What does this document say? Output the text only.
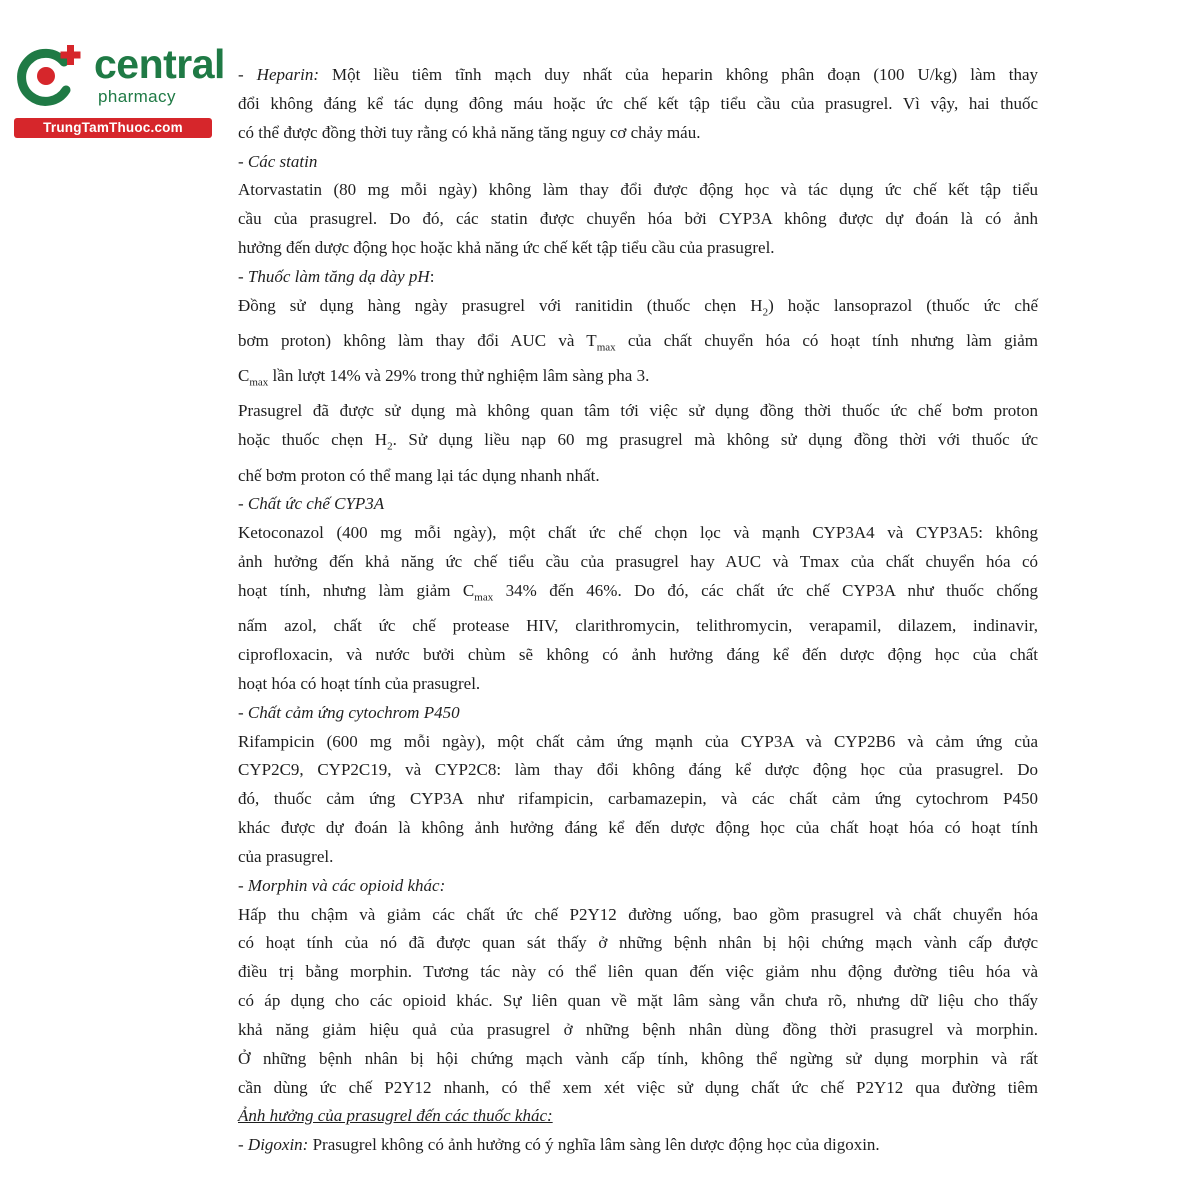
central
pharmacy
TrungTamThuoc.com
- Heparin: Một liều tiêm tĩnh mạch duy nhất của heparin không phân đoạn (100 U/kg) làm thay
đổi không đáng kể tác dụng đông máu hoặc ức chế kết tập tiểu cầu của prasugrel. Vì vậy, hai thuốc
có thể được đồng thời tuy rằng có khả năng tăng nguy cơ chảy máu.
- Các statin
Atorvastatin (80 mg mỗi ngày) không làm thay đổi được động học và tác dụng ức chế kết tập tiểu
cầu của prasugrel. Do đó, các statin được chuyển hóa bởi CYP3A không được dự đoán là có ảnh
hưởng đến dược động học hoặc khả năng ức chế kết tập tiểu cầu của prasugrel.
- Thuốc làm tăng dạ dày pH:
Đồng sử dụng hàng ngày prasugrel với ranitidin (thuốc chẹn $H_2$) hoặc lansoprazol (thuốc ức chế
bơm proton) không làm thay đổi AUC và $T_{max}$ của chất chuyển hóa có hoạt tính nhưng làm giảm
$C_{max}$ lần lượt 14% và 29% trong thử nghiệm lâm sàng pha 3.
Prasugrel đã được sử dụng mà không quan tâm tới việc sử dụng đồng thời thuốc ức chế bơm proton
hoặc thuốc chẹn $H_2$. Sử dụng liều nạp 60 mg prasugrel mà không sử dụng đồng thời với thuốc ức
chế bơm proton có thể mang lại tác dụng nhanh nhất.
- Chất ức chế CYP3A
Ketoconazol (400 mg mỗi ngày), một chất ức chế chọn lọc và mạnh CYP3A4 và CYP3A5: không
ảnh hưởng đến khả năng ức chế tiểu cầu của prasugrel hay AUC và Tmax của chất chuyển hóa có
hoạt tính, nhưng làm giảm $C_{max}$ 34% đến 46%. Do đó, các chất ức chế CYP3A như thuốc chống
nấm azol, chất ức chế protease HIV, clarithromycin, telithromycin, verapamil, dilazem, indinavir,
ciprofloxacin, và nước bưởi chùm sẽ không có ảnh hưởng đáng kể đến dược động học của chất
hoạt hóa có hoạt tính của prasugrel.
- Chất cảm ứng cytochrom P450
Rifampicin (600 mg mỗi ngày), một chất cảm ứng mạnh của CYP3A và CYP2B6 và cảm ứng của
CYP2C9, CYP2C19, và CYP2C8: làm thay đổi không đáng kể dược động học của prasugrel. Do
đó, thuốc cảm ứng CYP3A như rifampicin, carbamazepin, và các chất cảm ứng cytochrom P450
khác được dự đoán là không ảnh hưởng đáng kể đến dược động học của chất hoạt hóa có hoạt tính
của prasugrel.
- Morphin và các opioid khác:
Hấp thu chậm và giảm các chất ức chế P2Y12 đường uống, bao gồm prasugrel và chất chuyển hóa
có hoạt tính của nó đã được quan sát thấy ở những bệnh nhân bị hội chứng mạch vành cấp được
điều trị bằng morphin. Tương tác này có thể liên quan đến việc giảm nhu động đường tiêu hóa và
có áp dụng cho các opioid khác. Sự liên quan về mặt lâm sàng vẫn chưa rõ, nhưng dữ liệu cho thấy
khả năng giảm hiệu quả của prasugrel ở những bệnh nhân dùng đồng thời prasugrel và morphin.
Ở những bệnh nhân bị hội chứng mạch vành cấp tính, không thể ngừng sử dụng morphin và rất
cần dùng ức chế P2Y12 nhanh, có thể xem xét việc sử dụng chất ức chế P2Y12 qua đường tiêm
Ảnh hưởng của prasugrel đến các thuốc khác:
- Digoxin: Prasugrel không có ảnh hưởng có ý nghĩa lâm sàng lên dược động học của digoxin.
